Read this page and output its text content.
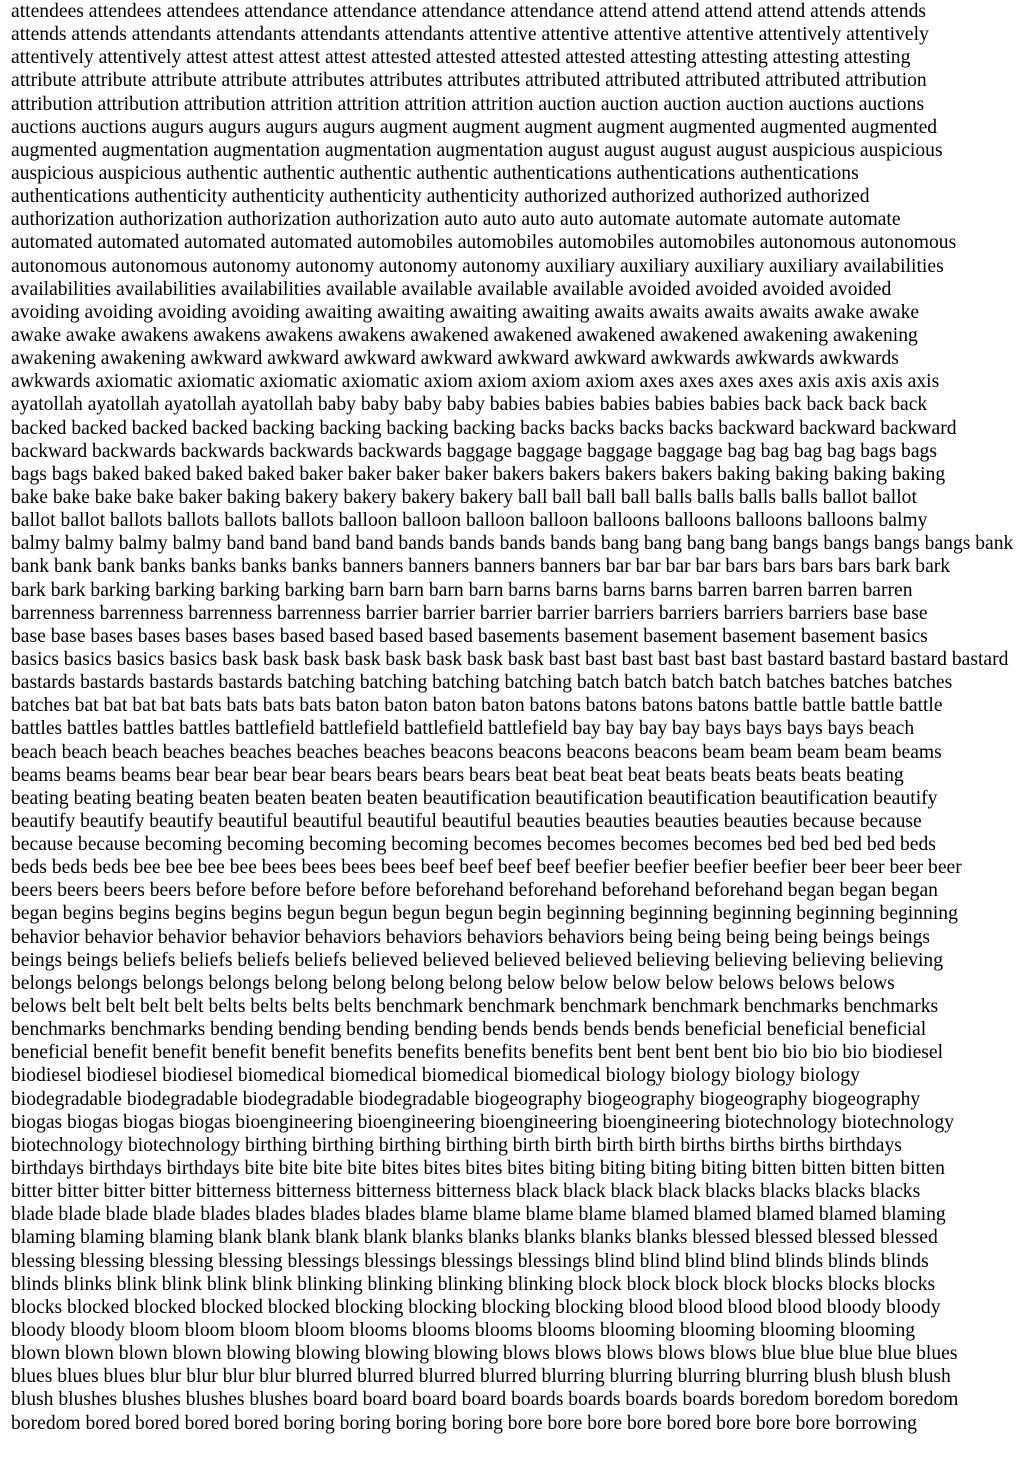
attendees attendees attendees attendance attendance attendance attendance attend attend attend attend attends attends
attends attends attendants attendants attendants attendants attentive attentive attentive attentive attentively attentively
attentively attentively attest attest attest attest attested attested attested attested attesting attesting attesting attesting
attribute attribute attribute attribute attributes attributes attributes attributed attributed attributed attributed attribution
attribution attribution attribution attrition attrition attrition attrition auction auction auction auction auctions auctions
auctions auctions augurs augurs augurs augurs augment augment augment augment augmented augmented augmented
augmented augmentation augmentation augmentation augmentation august august august august auspicious auspicious
auspicious auspicious authentic authentic authentic authentic authentications authentications authentications
authentications authenticity authenticity authenticity authenticity authorized authorized authorized authorized
authorization authorization authorization authorization auto auto auto auto automate automate automate automate
automated automated automated automated automobiles automobiles automobiles automobiles autonomous autonomous
autonomous autonomous autonomy autonomy autonomy autonomy auxiliary auxiliary auxiliary auxiliary availabilities
availabilities availabilities availabilities available available available available avoided avoided avoided avoided
avoiding avoiding avoiding avoiding awaiting awaiting awaiting awaiting awaits awaits awaits awaits awake awake
awake awake awakens awakens awakens awakens awakened awakened awakened awakened awakening awakening
awakening awakening awkward awkward awkward awkward awkward awkward awkwards awkwards awkwards
awkwards axiomatic axiomatic axiomatic axiomatic axiom axiom axiom axiom axes axes axes axes axis axis axis axis
ayatollah ayatollah ayatollah ayatollah baby baby baby baby babies babies babies babies babies back back back back
backed backed backed backed backing backing backing backing backs backs backs backs backward backward backward
backward backwards backwards backwards backwards baggage baggage baggage baggage bag bag bag bag bags bags
bags bags baked baked baked baked baker baker baker baker bakers bakers bakers bakers baking baking baking baking
bake bake bake bake baker baking bakery bakery bakery bakery ball ball ball ball balls balls balls balls ballot ballot
ballot ballot ballots ballots ballots ballots balloon balloon balloon balloon balloons balloons balloons balloons balmy
balmy balmy balmy balmy band band band band bands bands bands bands bang bang bang bang bangs bangs bangs bangs bank
bank bank bank banks banks banks banks banners banners banners banners bar bar bar bar bars bars bars bars bark bark
bark bark barking barking barking barking barn barn barn barn barns barns barns barns barren barren barren barren
barrenness barrenness barrenness barrenness barrier barrier barrier barrier barriers barriers barriers barriers base base
base base bases bases bases bases based based based based basements basement basement basement basement basics
basics basics basics basics bask bask bask bask bask bask bask bask bast bast bast bast bast bast bastard bastard bastard bastard
bastards bastards bastards bastards batching batching batching batching batch batch batch batch batches batches batches
batches bat bat bat bat bats bats bats bats baton baton baton baton batons batons batons batons battle battle battle battle
battles battles battles battles battlefield battlefield battlefield battlefield bay bay bay bay bays bays bays bays beach
beach beach beach beaches beaches beaches beaches beacons beacons beacons beacons beam beam beam beam beams
beams beams beams bear bear bear bear bears bears bears bears beat beat beat beat beats beats beats beats beating
beating beating beating beaten beaten beaten beaten beautification beautification beautification beautification beautify
beautify beautify beautify beautiful beautiful beautiful beautiful beauties beauties beauties beauties because because
because because becoming becoming becoming becoming becomes becomes becomes becomes bed bed bed bed beds
beds beds beds bee bee bee bee bees bees bees bees beef beef beef beef beefier beefier beefier beefier beer beer beer beer
beers beers beers beers before before before before beforehand beforehand beforehand beforehand began began began
began begins begins begins begins begun begun begun begun begin beginning beginning beginning beginning beginning
behavior behavior behavior behavior behaviors behaviors behaviors behaviors being being being being beings beings
beings beings beliefs beliefs beliefs beliefs believed believed believed believed believing believing believing believing
belongs belongs belongs belongs belong belong belong belong below below below below belows belows belows
belows belt belt belt belt belts belts belts belts benchmark benchmark benchmark benchmark benchmarks benchmarks
benchmarks benchmarks bending bending bending bending bends bends bends bends beneficial beneficial beneficial
beneficial benefit benefit benefit benefit benefits benefits benefits benefits bent bent bent bent bio bio bio bio biodiesel
biodiesel biodiesel biodiesel biomedical biomedical biomedical biomedical biology biology biology biology
biodegradable biodegradable biodegradable biodegradable biogeography biogeography biogeography biogeography
biogas biogas biogas biogas bioengineering bioengineering bioengineering bioengineering biotechnology biotechnology
biotechnology biotechnology birthing birthing birthing birthing birth birth birth birth births births births birthdays
birthdays birthdays birthdays bite bite bite bite bites bites bites bites biting biting biting biting bitten bitten bitten bitten
bitter bitter bitter bitter bitterness bitterness bitterness bitterness black black black black blacks blacks blacks blacks
blade blade blade blade blades blades blades blades blame blame blame blame blamed blamed blamed blamed blaming
blaming blaming blaming blank blank blank blank blanks blanks blanks blanks blanks blessed blessed blessed blessed
blessing blessing blessing blessing blessings blessings blessings blessings blind blind blind blind blinds blinds blinds
blinds blinks blink blink blink blink blinking blinking blinking blinking block block block block blocks blocks blocks
blocks blocked blocked blocked blocked blocking blocking blocking blocking blood blood blood blood bloody bloody
bloody bloody bloom bloom bloom bloom blooms blooms blooms blooms blooming blooming blooming blooming
blown blown blown blown blowing blowing blowing blowing blows blows blows blows blows blue blue blue blue blues
blues blues blues blur blur blur blur blurred blurred blurred blurred blurring blurring blurring blurring blush blush blush
blush blushes blushes blushes blushes board board board board boards boards boards boards boredom boredom boredom
boredom bored bored bored bored boring boring boring boring bore bore bore bore bored bore bore bore borrowing
